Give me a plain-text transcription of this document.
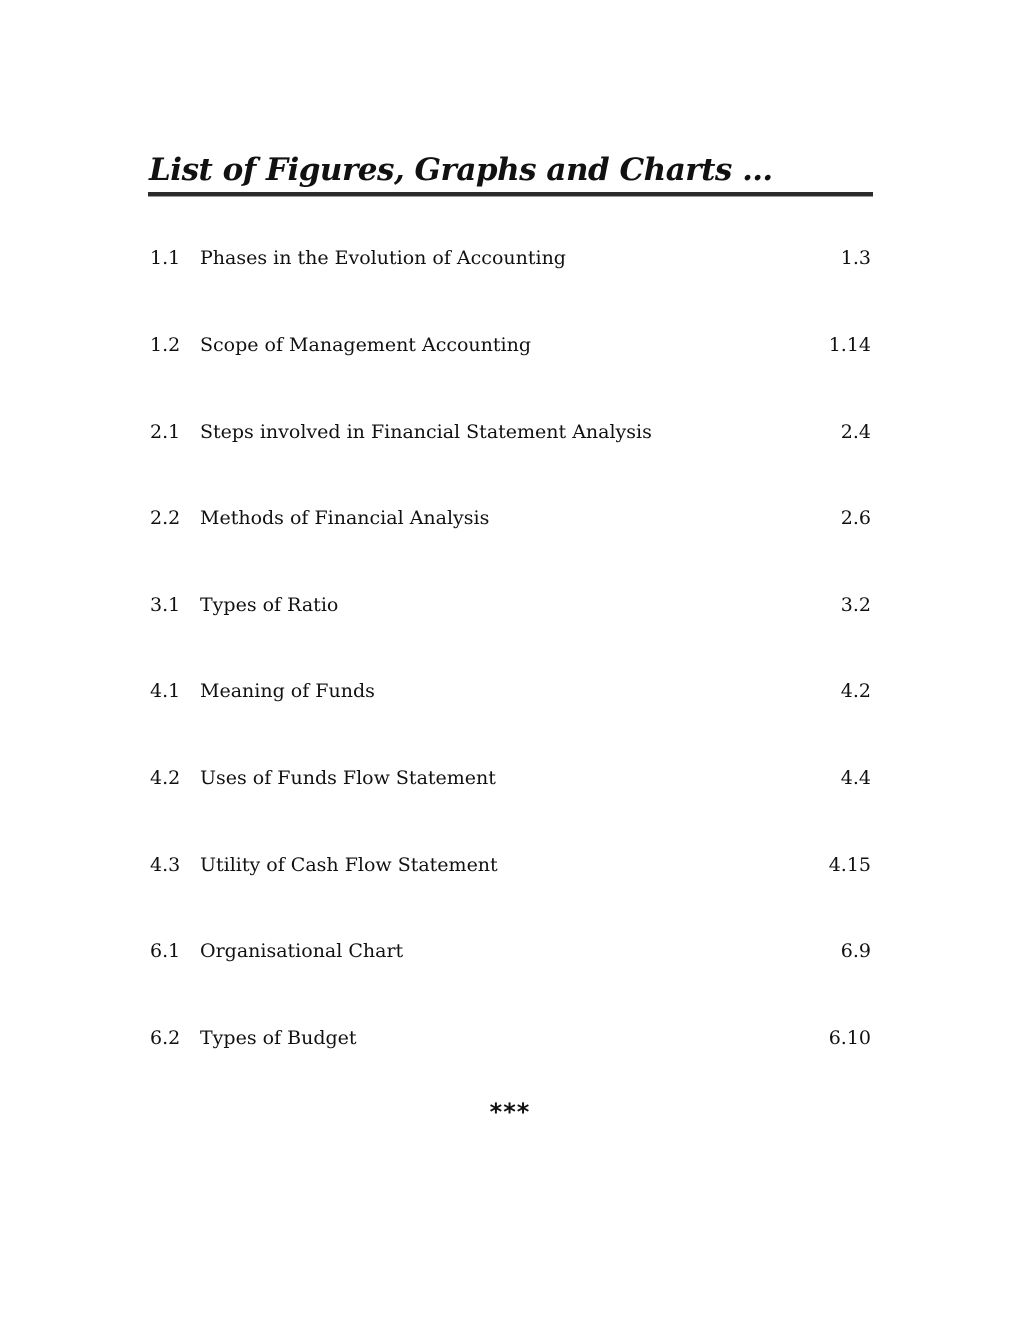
List of Figures, Graphs and Charts …
1.1 Phases in the Evolution of Accounting	1.3
1.2 Scope of Management Accounting	1.14
2.1 Steps involved in Financial Statement Analysis	2.4
2.2 Methods of Financial Analysis	2.6
3.1 Types of Ratio	3.2
4.1 Meaning of Funds	4.2
4.2 Uses of Funds Flow Statement	4.4
4.3 Utility of Cash Flow Statement	4.15
6.1 Organisational Chart	6.9
6.2 Types of Budget	6.10
***
